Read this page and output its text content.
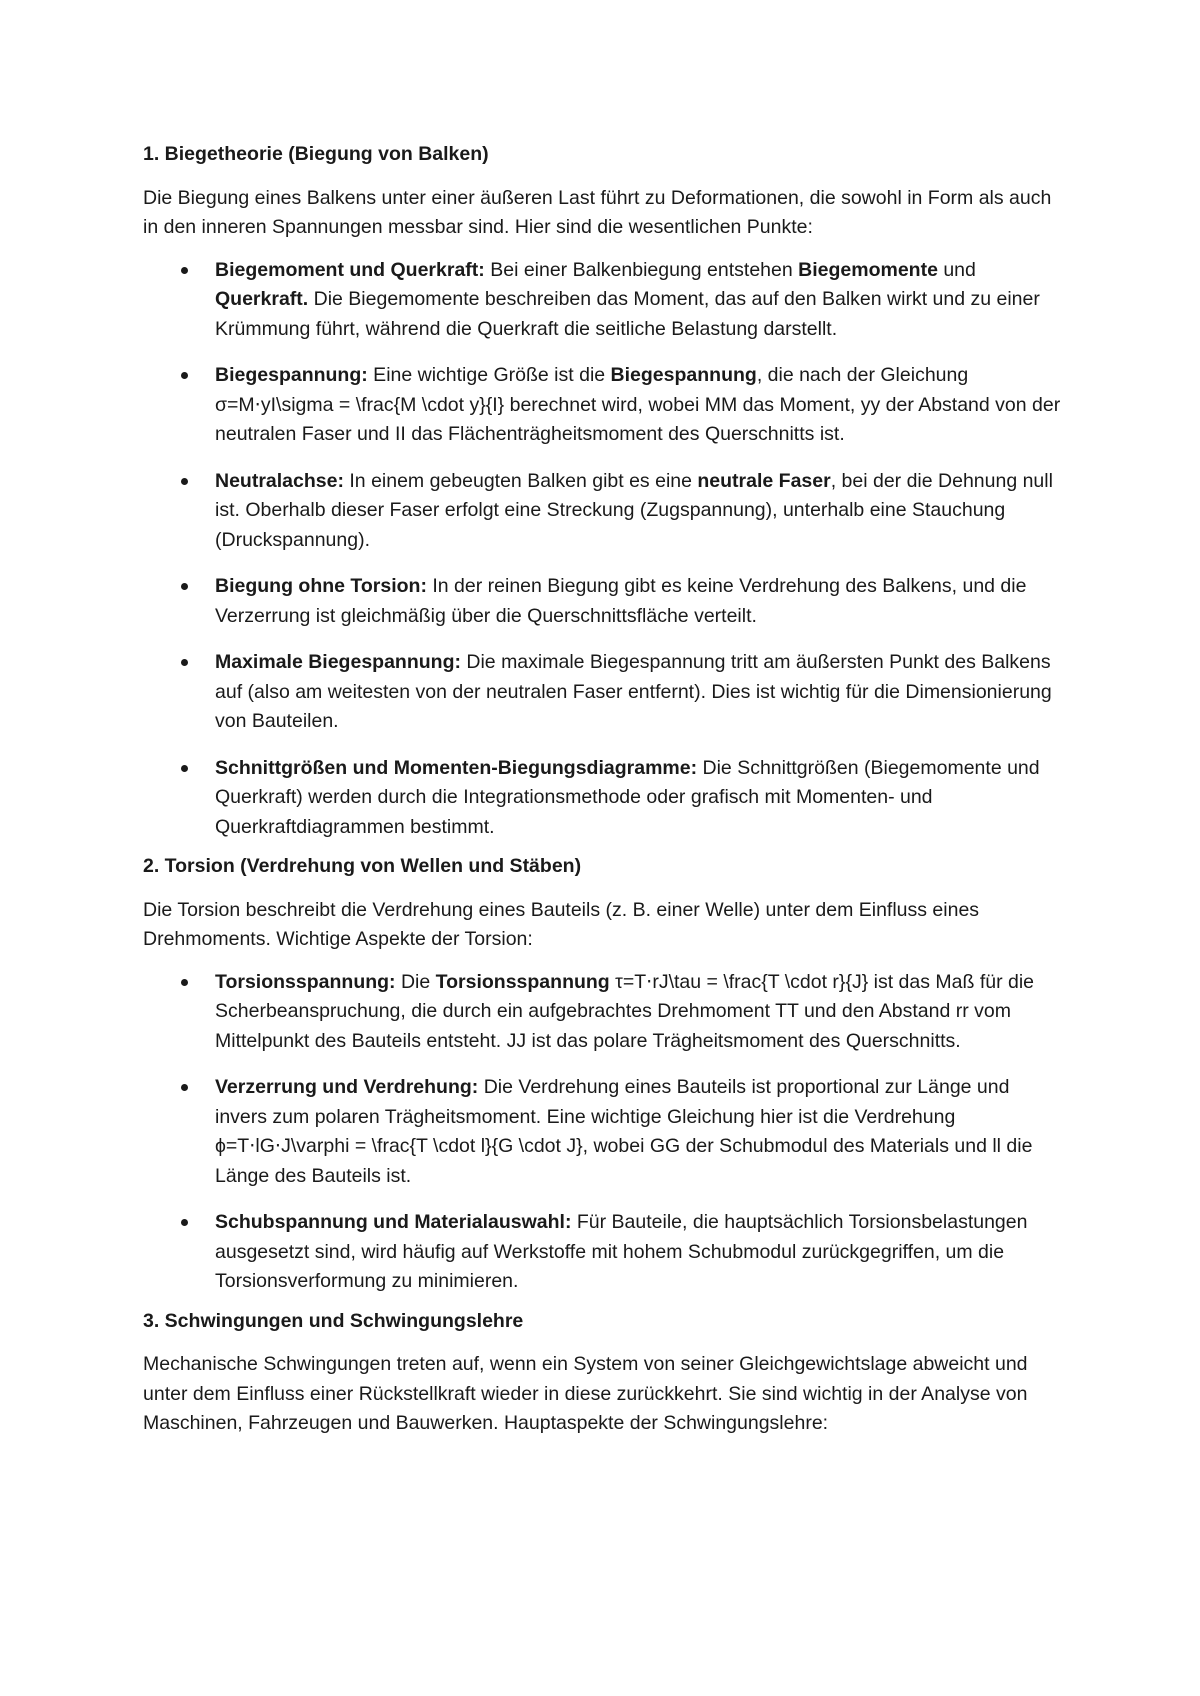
1. Biegetheorie (Biegung von Balken)

Die Biegung eines Balkens unter einer äußeren Last führt zu Deformationen, die sowohl in Form als auch in den inneren Spannungen messbar sind. Hier sind die wesentlichen Punkte:

Biegemoment und Querkraft: Bei einer Balkenbiegung entstehen Biegemomente und Querkraft. Die Biegemomente beschreiben das Moment, das auf den Balken wirkt und zu einer Krümmung führt, während die Querkraft die seitliche Belastung darstellt.
Biegespannung: Eine wichtige Größe ist die Biegespannung, die nach der Gleichung σ=M⋅yI\sigma = \frac{M \cdot y}{I} berechnet wird, wobei MM das Moment, yy der Abstand von der neutralen Faser und II das Flächenträgheitsmoment des Querschnitts ist.
Neutralachse: In einem gebeugten Balken gibt es eine neutrale Faser, bei der die Dehnung null ist. Oberhalb dieser Faser erfolgt eine Streckung (Zugspannung), unterhalb eine Stauchung (Druckspannung).
Biegung ohne Torsion: In der reinen Biegung gibt es keine Verdrehung des Balkens, und die Verzerrung ist gleichmäßig über die Querschnittsfläche verteilt.
Maximale Biegespannung: Die maximale Biegespannung tritt am äußersten Punkt des Balkens auf (also am weitesten von der neutralen Faser entfernt). Dies ist wichtig für die Dimensionierung von Bauteilen.
Schnittgrößen und Momenten-Biegungsdiagramme: Die Schnittgrößen (Biegemomente und Querkraft) werden durch die Integrationsmethode oder grafisch mit Momenten- und Querkraftdiagrammen bestimmt.
2. Torsion (Verdrehung von Wellen und Stäben)

Die Torsion beschreibt die Verdrehung eines Bauteils (z. B. einer Welle) unter dem Einfluss eines Drehmoments. Wichtige Aspekte der Torsion:

Torsionsspannung: Die Torsionsspannung τ=T⋅rJ\tau = \frac{T \cdot r}{J} ist das Maß für die Scherbeanspruchung, die durch ein aufgebrachtes Drehmoment TT und den Abstand rr vom Mittelpunkt des Bauteils entsteht. JJ ist das polare Trägheitsmoment des Querschnitts.
Verzerrung und Verdrehung: Die Verdrehung eines Bauteils ist proportional zur Länge und invers zum polaren Trägheitsmoment. Eine wichtige Gleichung hier ist die Verdrehung ϕ=T⋅lG⋅J\varphi = \frac{T \cdot l}{G \cdot J}, wobei GG der Schubmodul des Materials und ll die Länge des Bauteils ist.
Schubspannung und Materialauswahl: Für Bauteile, die hauptsächlich Torsionsbelastungen ausgesetzt sind, wird häufig auf Werkstoffe mit hohem Schubmodul zurückgegriffen, um die Torsionsverformung zu minimieren.
3. Schwingungen und Schwingungslehre

Mechanische Schwingungen treten auf, wenn ein System von seiner Gleichgewichtslage abweicht und unter dem Einfluss einer Rückstellkraft wieder in diese zurückkehrt. Sie sind wichtig in der Analyse von Maschinen, Fahrzeugen und Bauwerken. Hauptaspekte der Schwingungslehre:
